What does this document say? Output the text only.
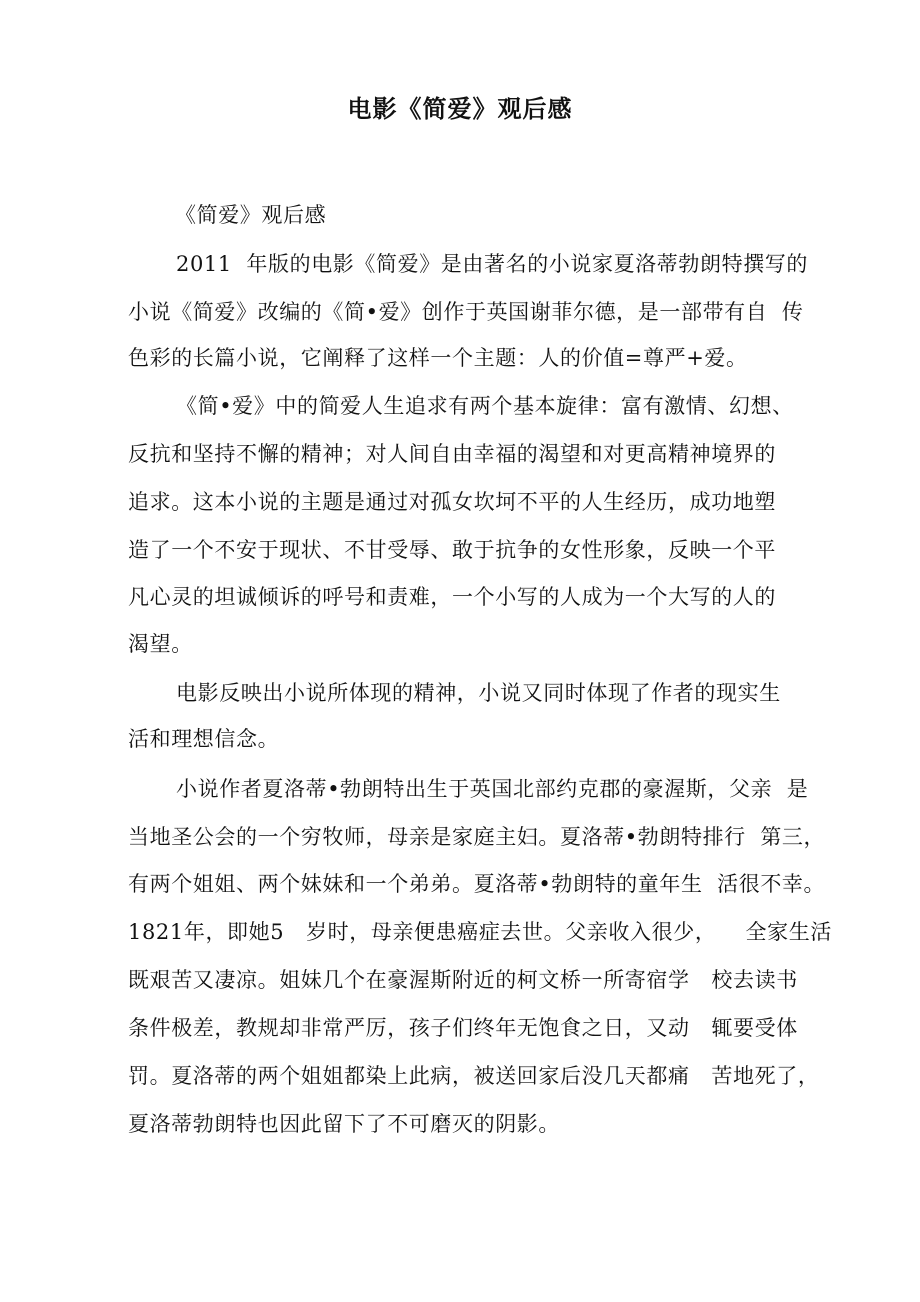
电影《简爱》观后感
《简爱》观后感
2011  年版的电影《简爱》是由著名的小说家夏洛蒂勃朗特撰写的
小说《简爱》改编的《简•爱》创作于英国谢菲尔德，是一部带有自  传
色彩的长篇小说，它阐释了这样一个主题：人的价值=尊严+爱。
《简•爱》中的简爱人生追求有两个基本旋律：富有激情、幻想、
反抗和坚持不懈的精神；对人间自由幸福的渴望和对更高精神境界的
追求。这本小说的主题是通过对孤女坎坷不平的人生经历，成功地塑
造了一个不安于现状、不甘受辱、敢于抗争的女性形象，反映一个平
凡心灵的坦诚倾诉的呼号和责难，一个小写的人成为一个大写的人的
渴望。
电影反映出小说所体现的精神，小说又同时体现了作者的现实生
活和理想信念。
小说作者夏洛蒂•勃朗特出生于英国北部约克郡的豪渥斯，父亲  是
当地圣公会的一个穷牧师，母亲是家庭主妇。夏洛蒂•勃朗特排行  第三，
有两个姐姐、两个妹妹和一个弟弟。夏洛蒂•勃朗特的童年生  活很不幸。
1821年，即她5   岁时，母亲便患癌症去世。父亲收入很少，    全家生活
既艰苦又凄凉。姐妹几个在豪渥斯附近的柯文桥一所寄宿学   校去读书
条件极差，教规却非常严厉，孩子们终年无饱食之日，又动   辄要受体
罚。夏洛蒂的两个姐姐都染上此病，被送回家后没几天都痛   苦地死了，
夏洛蒂勃朗特也因此留下了不可磨灭的阴影。
